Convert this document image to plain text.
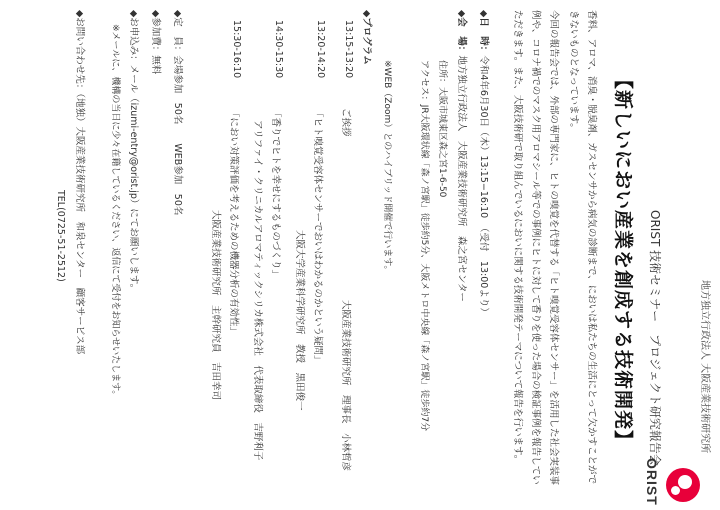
ORIST
地方独立行政法人 大阪産業技術研究所
ORIST 技術セミナー　プロジェクト研究報告会
【新しいにおい産業を創成する技術開発】
香料、アロマ、消臭・脱臭剤、ガスセンサから病気の診断まで、においは私たちの生活にとって欠かすことができないものとなっています。
今回の報告会では、外部の専門家に、ヒトの嗅覚を代替する「ヒト嗅覚受容体センサー」を活用した社会実装事例や、コロナ禍でのマスク用アロマシール等での事例にヒトに対して香りを使った場合の検証事例を報告していただきます。また、大阪技術研で取り組んでいるにおいに関する技術開発テーマについて報告を行います。
◆日　時：令和4年6月30日（木）13:15−16:10　（受付　13:00より）
◆会　場：地方独立行政法人　大阪産業技術研究所　森之宮センター
住所：大阪市城東区森之宮1-6-50
アクセス：JR大阪環状線「森ノ宮駅」徒歩約5分、大阪メトロ中央線「森ノ宮駅」徒歩約7分
※WEB（Zoom）とのハイブリッド開催で行います。
◆プログラム
13:15-13:20
ご挨拶
大阪産業技術研究所　理事長　小林哲彦
13:20-14:20
「ヒト嗅覚受容体センサーでおいはわかるのかという疑問」
大阪大学産業科学研究所　教授　黒田俊一
14:30-15:30
「香りでヒトを幸せにするものづくり」
アリファイ・クリニカルアロマティックシリカ株式会社　代表取締役　吉野利子
15:30-16:10
「におい対策評価を考えるための機器分析の有効性」
大阪産業技術研究所　主幹研究員　吉田幸司
◆定　員：会場参加　50名　　WEB参加　50名
◆参加費：無料
◆お申込み：メール（izumi-entry@orist.jp）にてお願いします。
※メールに、機構の当日に少々在籍しているください、返信にて受付をお知らせいたします。
◆お問い合わせ先：（地独）大阪産業技術研究所　和泉センター　顧客サービス部
TEL(0725-51-2512)
